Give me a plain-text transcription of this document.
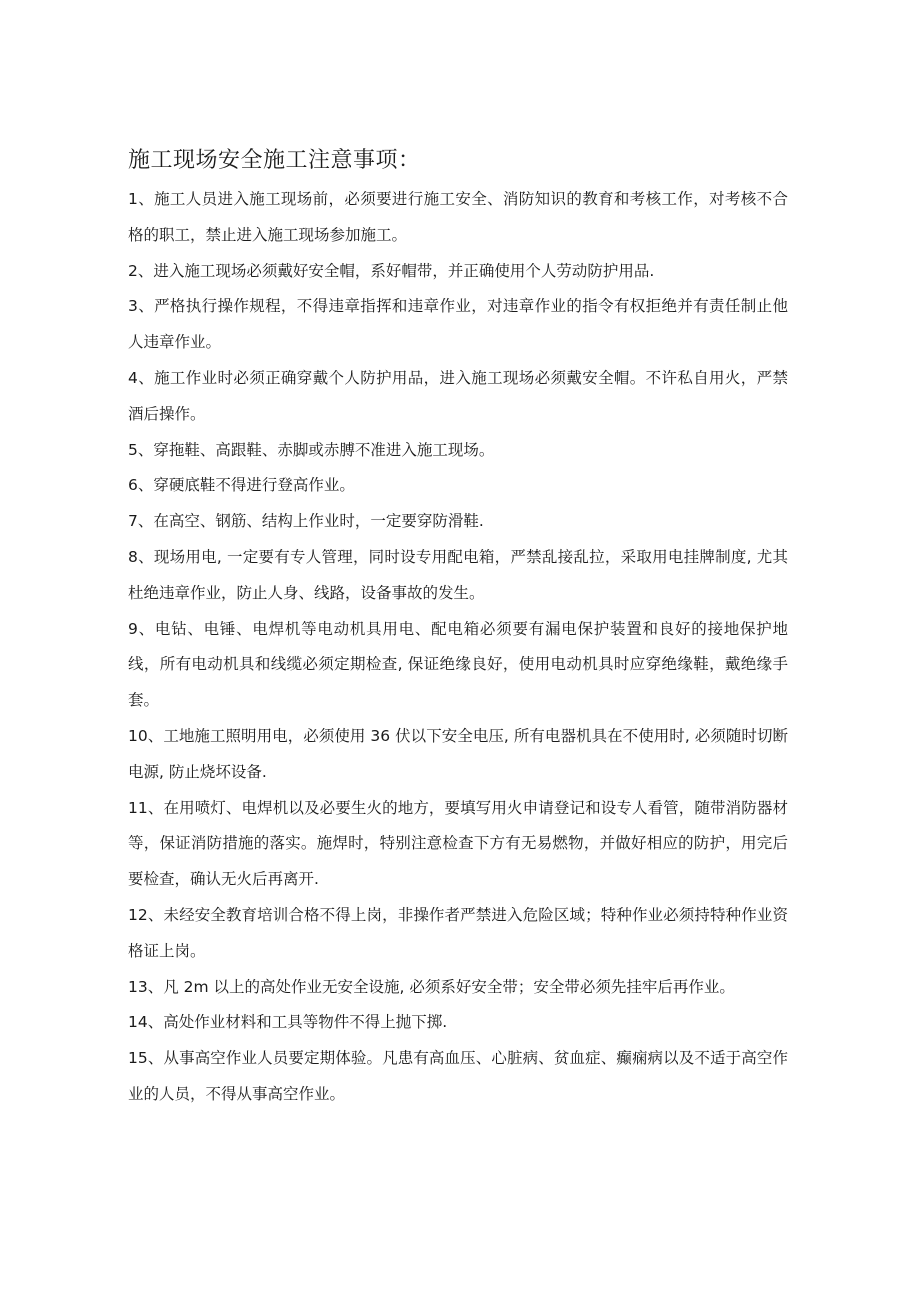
施工现场安全施工注意事项：
1、施工人员进入施工现场前，必须要进行施工安全、消防知识的教育和考核工作，对考核不合格的职工，禁止进入施工现场参加施工。
2、进入施工现场必须戴好安全帽，系好帽带，并正确使用个人劳动防护用品.
3、严格执行操作规程，不得违章指挥和违章作业，对违章作业的指令有权拒绝并有责任制止他人违章作业。
4、施工作业时必须正确穿戴个人防护用品，进入施工现场必须戴安全帽。不许私自用火，严禁酒后操作。
5、穿拖鞋、高跟鞋、赤脚或赤膊不准进入施工现场。
6、穿硬底鞋不得进行登高作业。
7、在高空、钢筋、结构上作业时，一定要穿防滑鞋.
8、现场用电, 一定要有专人管理，同时设专用配电箱，严禁乱接乱拉，采取用电挂牌制度, 尤其杜绝违章作业，防止人身、线路，设备事故的发生。
9、电钻、电锤、电焊机等电动机具用电、配电箱必须要有漏电保护装置和良好的接地保护地线，所有电动机具和线缆必须定期检查, 保证绝缘良好，使用电动机具时应穿绝缘鞋，戴绝缘手套。
10、工地施工照明用电，必须使用 36 伏以下安全电压, 所有电器机具在不使用时, 必须随时切断电源, 防止烧坏设备.
11、在用喷灯、电焊机以及必要生火的地方，要填写用火申请登记和设专人看管，随带消防器材等，保证消防措施的落实。施焊时，特别注意检查下方有无易燃物，并做好相应的防护，用完后要检查，确认无火后再离开.
12、未经安全教育培训合格不得上岗，非操作者严禁进入危险区域；特种作业必须持特种作业资格证上岗。
13、凡 2m 以上的高处作业无安全设施, 必须系好安全带；安全带必须先挂牢后再作业。
14、高处作业材料和工具等物件不得上抛下掷.
15、从事高空作业人员要定期体验。凡患有高血压、心脏病、贫血症、癫痫病以及不适于高空作业的人员，不得从事高空作业。
